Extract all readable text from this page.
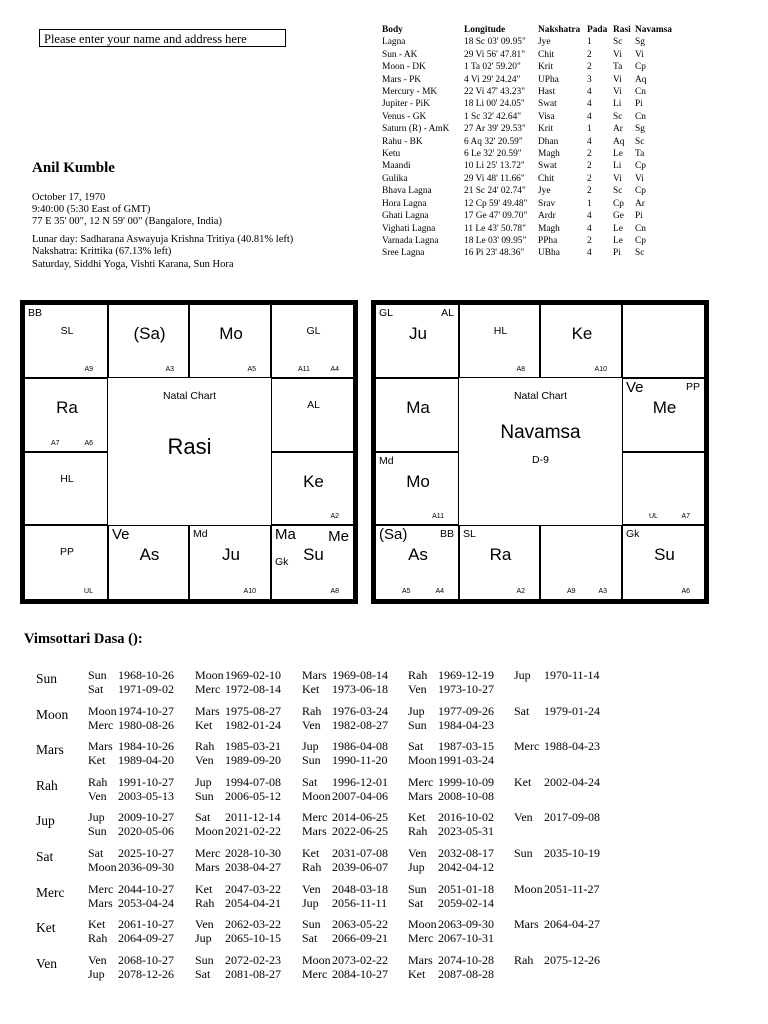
Please enter your name and address here
Anil Kumble
October 17, 1970
9:40:00 (5:30 East of GMT)
77 E 35' 00", 12 N 59' 00" (Bangalore, India)
Lunar day: Sadharana Aswayuja Krishna Tritiya (40.81% left)
Nakshatra: Krittika (67.13% left)
Saturday, Siddhi Yoga, Vishti Karana, Sun Hora
Body	Longitude	Nakshatra	Pada	Rasi	Navamsa
Lagna	18 Sc 03' 09.95"	Jye	1	Sc	Sg
Sun - AK	29 Vi 56' 47.81"	Chit	2	Vi	Vi
Moon - DK	1 Ta 02' 59.20"	Krit	2	Ta	Cp
Mars - PK	4 Vi 29' 24.24"	UPha	3	Vi	Aq
Mercury - MK	22 Vi 47' 43.23"	Hast	4	Vi	Cn
Jupiter - PiK	18 Li 00' 24.05"	Swat	4	Li	Pi
Venus - GK	1 Sc 32' 42.64"	Visa	4	Sc	Cn
Saturn (R) - AmK	27 Ar 39' 29.53"	Krit	1	Ar	Sg
Rahu - BK	6 Aq 32' 20.59"	Dhan	4	Aq	Sc
Ketu	6 Le 32' 20.59"	Magh	2	Le	Ta
Maandi	10 Li 25' 13.72"	Swat	2	Li	Cp
Gulika	29 Vi 48' 11.66"	Chit	2	Vi	Vi
Bhava Lagna	21 Sc 24' 02.74"	Jye	2	Sc	Cp
Hora Lagna	12 Cp 59' 49.48"	Srav	1	Cp	Ar
Ghati Lagna	17 Ge 47' 09.70"	Ardr	4	Ge	Pi
Vighati Lagna	11 Le 43' 50.78"	Magh	4	Le	Cn
Varnada Lagna	18 Le 03' 09.95"	PPha	2	Le	Cp
Sree Lagna	16 Pi 23' 48.36"	UBha	4	Pi	Sc
BB
SL
A9
(Sa)
A3
Mo
A5
GL
A11	A4
Ra
A7	A6
AL
HL	Ke
A2
PP
UL
Ve
As
Md
Ju
A10
Ma
Gk
Me
Su
A8
Natal Chart
Rasi
GL	AL
Ju	HL
A8
Ke
A10
Ma
Ve	PP
Me
Md
Mo
A11	UL	A7
(Sa)	BB
As
A5	A4
SL
Ra
A2	A9	A3
Gk
Su
A6
Natal Chart
Navamsa
D-9
Vimsottari Dasa ():
Sun	Sun 1968-10-26 Moon1969-02-10 Mars 1969-08-14 Rah 1969-12-19 Jup 1970-11-14
Sat 1971-09-02 Merc 1972-08-14 Ket 1973-06-18 Ven 1973-10-27
Moon Moon1974-10-27 Mars 1975-08-27 Rah 1976-03-24 Jup 1977-09-26 Sat 1979-01-24
Merc 1980-08-26 Ket 1982-01-24 Ven 1982-08-27 Sun 1984-04-23
Mars Mars 1984-10-26 Rah 1985-03-21 Jup 1986-04-08 Sat 1987-03-15 Merc 1988-04-23
Ket 1989-04-20 Ven 1989-09-20 Sun 1990-11-20 Moon1991-03-24
Rah	Rah 1991-10-27 Jup 1994-07-08 Sat 1996-12-01 Merc 1999-10-09 Ket 2002-04-24
Ven 2003-05-13 Sun 2006-05-12 Moon2007-04-06 Mars 2008-10-08
Jup	Jup 2009-10-27 Sat 2011-12-14 Merc 2014-06-25 Ket 2016-10-02 Ven 2017-09-08
Sun 2020-05-06 Moon2021-02-22 Mars 2022-06-25 Rah 2023-05-31
Sat	Sat 2025-10-27 Merc 2028-10-30 Ket 2031-07-08 Ven 2032-08-17 Sun 2035-10-19
Moon2036-09-30 Mars 2038-04-27 Rah 2039-06-07 Jup 2042-04-12
Merc Merc 2044-10-27 Ket 2047-03-22 Ven 2048-03-18 Sun 2051-01-18 Moon2051-11-27
Mars 2053-04-24 Rah 2054-04-21 Jup 2056-11-11 Sat 2059-02-14
Ket	Ket 2061-10-27 Ven 2062-03-22 Sun 2063-05-22 Moon2063-09-30 Mars 2064-04-27
Rah 2064-09-27 Jup 2065-10-15 Sat 2066-09-21 Merc 2067-10-31
Ven	Ven 2068-10-27 Sun 2072-02-23 Moon2073-02-22 Mars 2074-10-28 Rah 2075-12-26
Jup 2078-12-26 Sat 2081-08-27 Merc 2084-10-27 Ket 2087-08-28
